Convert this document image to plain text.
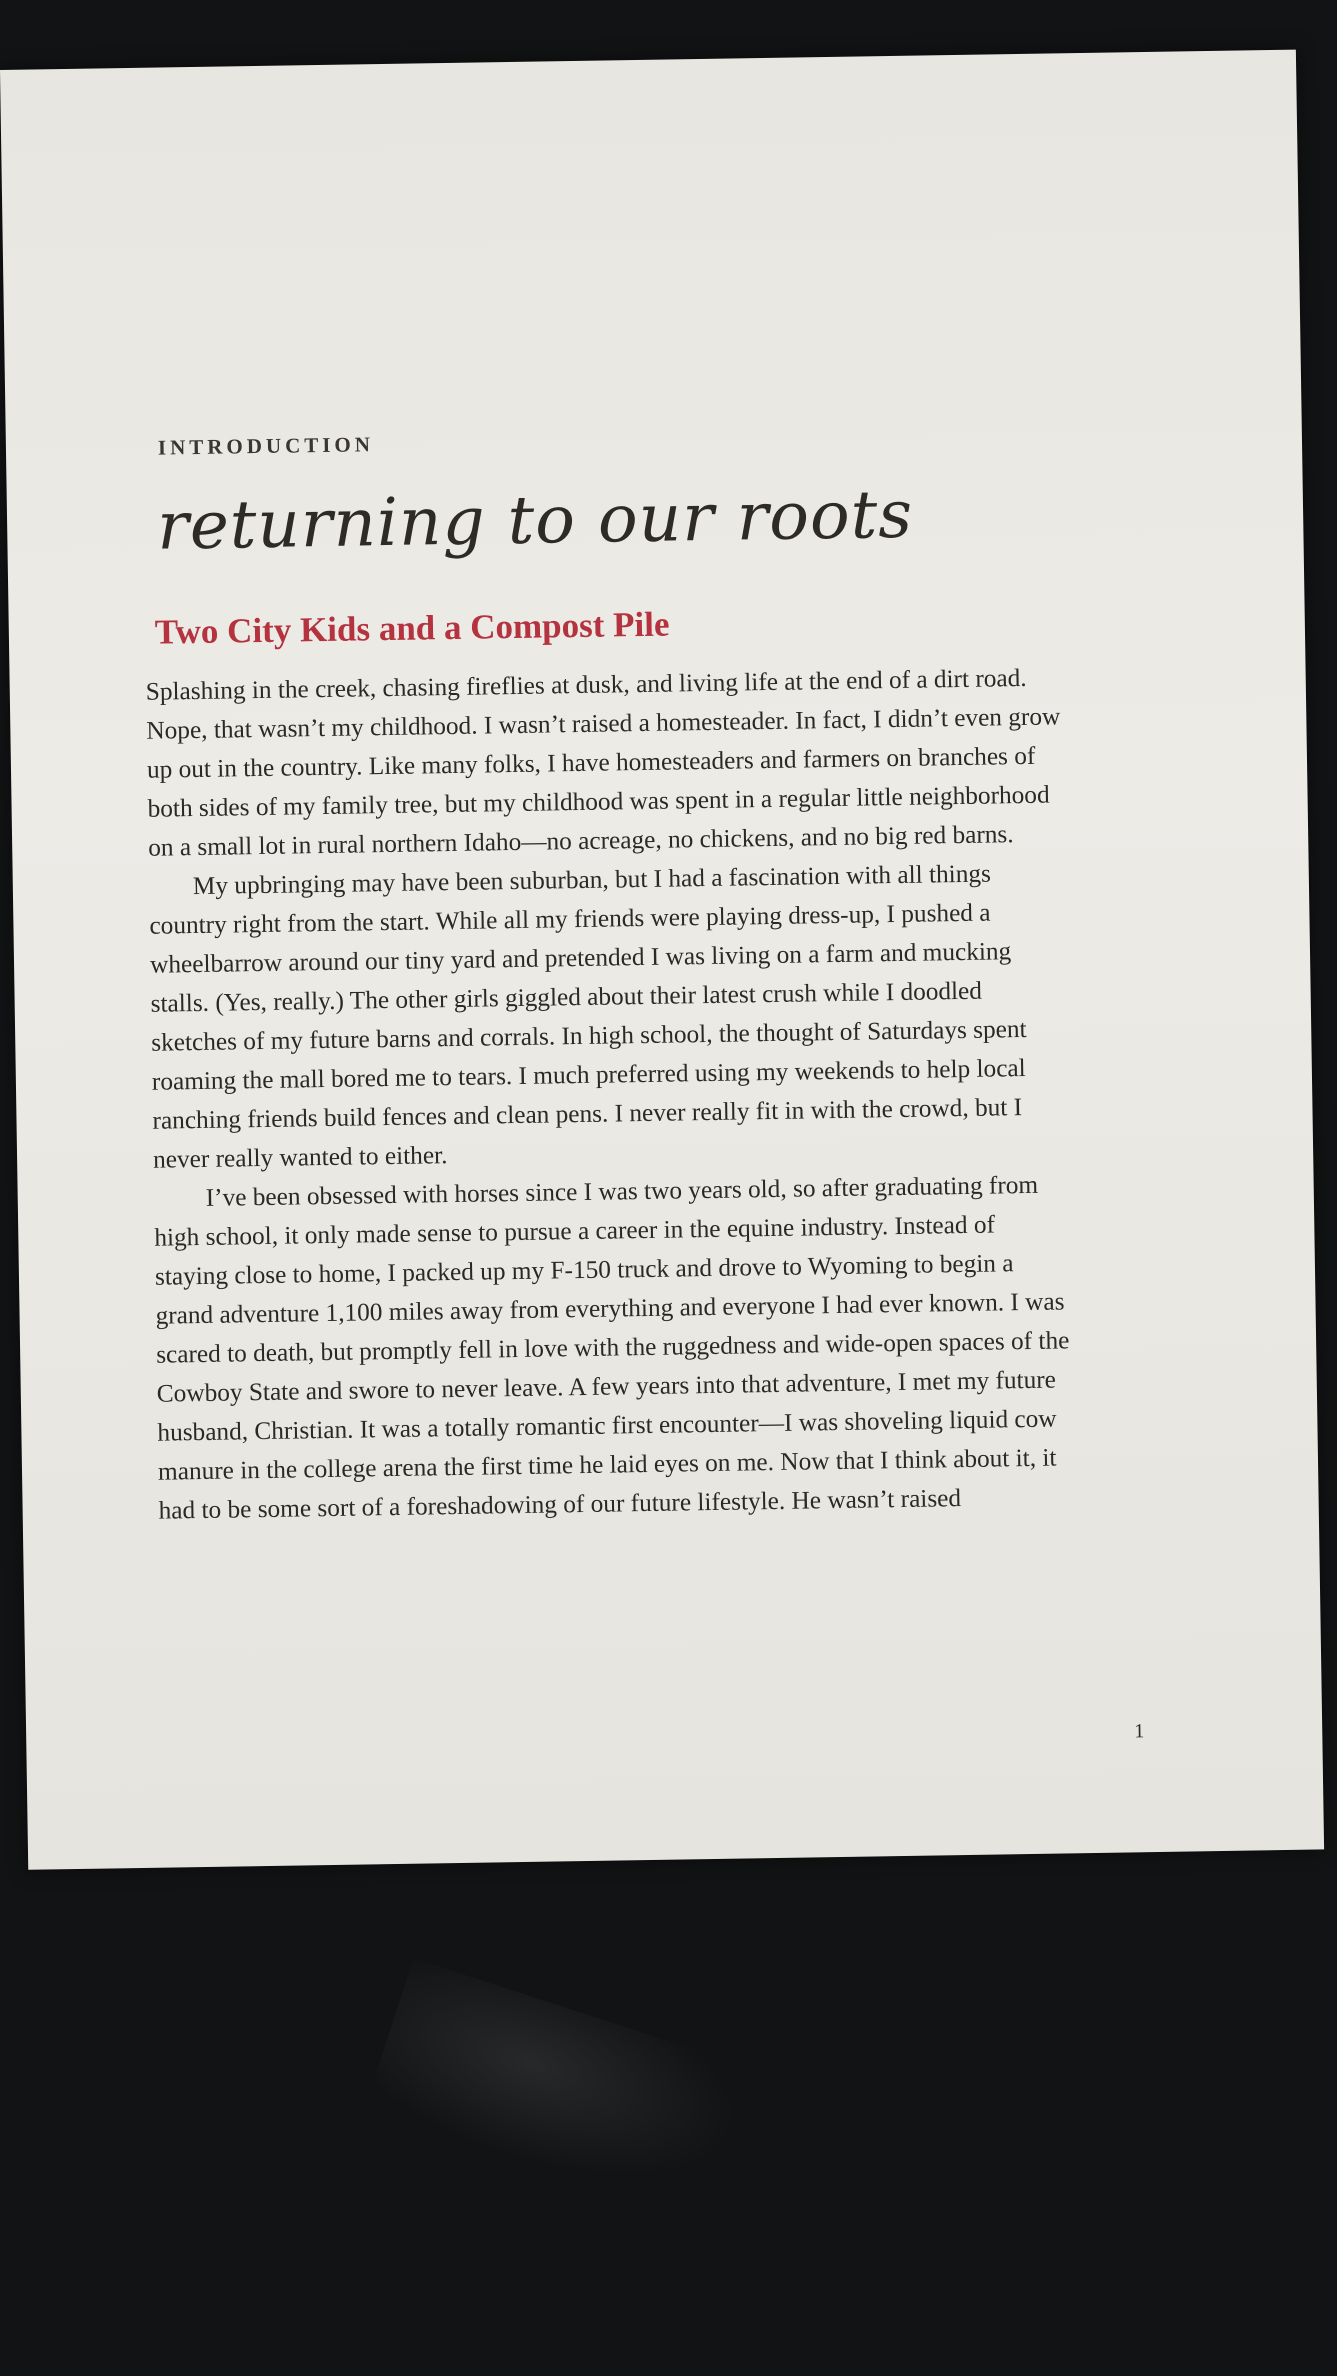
INTRODUCTION
returning to our roots
Two City Kids and a Compost Pile

Splashing in the creek, chasing fireflies at dusk, and living life at the end of a dirt road. Nope, that wasn’t my childhood. I wasn’t raised a homesteader. In fact, I didn’t even grow up out in the country. Like many folks, I have homesteaders and farmers on branches of both sides of my family tree, but my childhood was spent in a regular little neighborhood on a small lot in rural northern Idaho—no acreage, no chickens, and no big red barns.

My upbringing may have been suburban, but I had a fascination with all things country right from the start. While all my friends were playing dress-up, I pushed a wheelbarrow around our tiny yard and pretended I was living on a farm and mucking stalls. (Yes, really.) The other girls giggled about their latest crush while I doodled sketches of my future barns and corrals. In high school, the thought of Saturdays spent roaming the mall bored me to tears. I much preferred using my weekends to help local ranching friends build fences and clean pens. I never really fit in with the crowd, but I never really wanted to either.

I’ve been obsessed with horses since I was two years old, so after graduating from high school, it only made sense to pursue a career in the equine industry. Instead of staying close to home, I packed up my F-150 truck and drove to Wyoming to begin a grand adventure 1,100 miles away from everything and everyone I had ever known. I was scared to death, but promptly fell in love with the ruggedness and wide-open spaces of the Cowboy State and swore to never leave. A few years into that adventure, I met my future husband, Christian. It was a totally romantic first encounter—I was shoveling liquid cow manure in the college arena the first time he laid eyes on me. Now that I think about it, it had to be some sort of a foreshadowing of our future lifestyle. He wasn’t raised

1
